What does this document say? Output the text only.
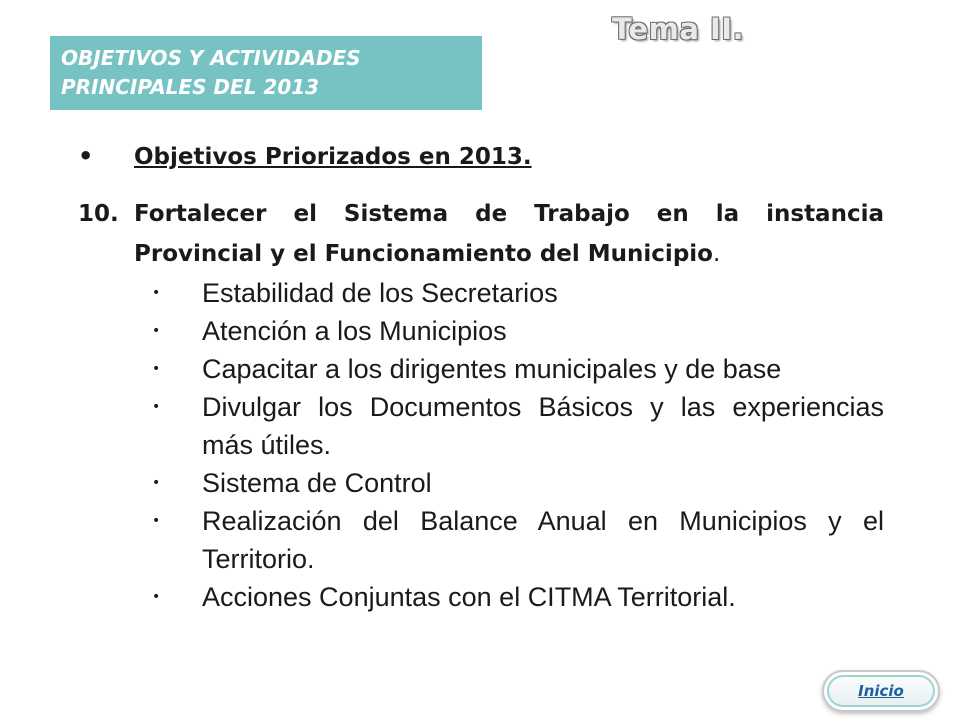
Tema II.
OBJETIVOS Y ACTIVIDADES
PRINCIPALES DEL 2013
•	Objetivos Priorizados en 2013.
10. Fortalecer el Sistema de Trabajo en la instancia Provincial y el Funcionamiento del Municipio.
•	Estabilidad de los Secretarios
•	Atención a los Municipios
•	Capacitar a los dirigentes municipales y de base
•	Divulgar los Documentos Básicos y las experiencias más útiles.
•	Sistema de Control
•	Realización del Balance Anual en Municipios y el Territorio.
•	Acciones Conjuntas con el CITMA Territorial.
Inicio
